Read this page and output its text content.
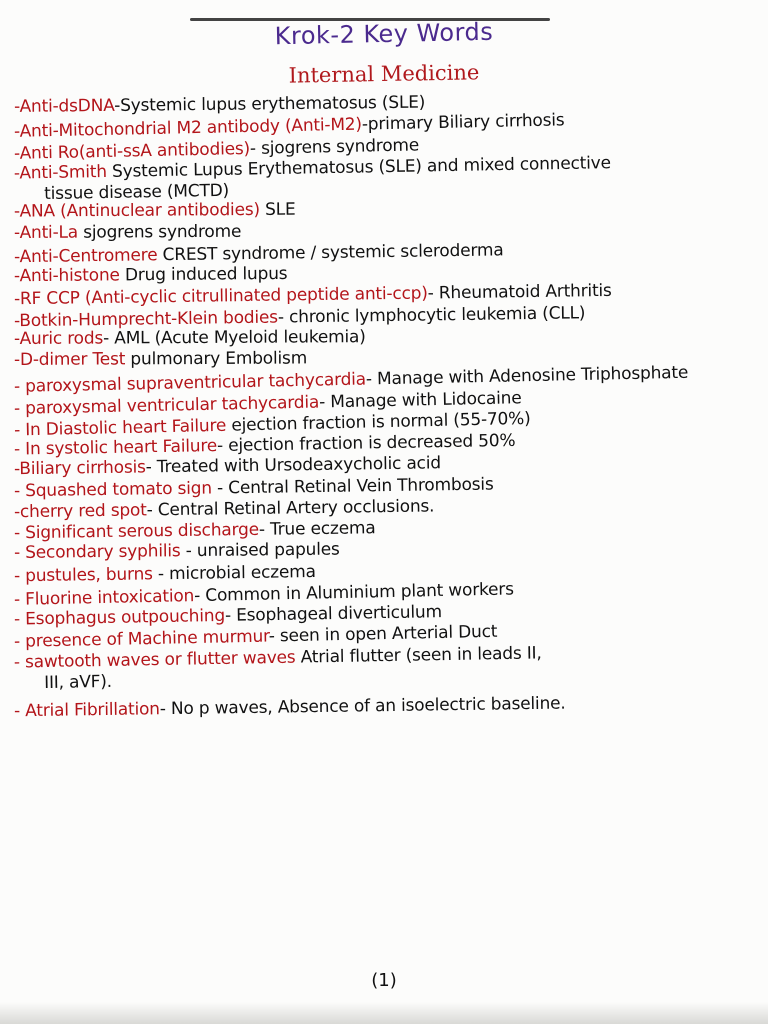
Krok-2 Key Words
Internal Medicine
-Anti-dsDNA-Systemic lupus erythematosus (SLE)
-Anti-Mitochondrial M2 antibody (Anti-M2)-primary Biliary cirrhosis
-Anti Ro(anti-ssA antibodies)- sjogrens syndrome
-Anti-Smith Systemic Lupus Erythematosus (SLE) and mixed connective
tissue disease (MCTD)
-ANA (Antinuclear antibodies) SLE
-Anti-La sjogrens syndrome
-Anti-Centromere CREST syndrome / systemic scleroderma
-Anti-histone Drug induced lupus
-RF CCP (Anti-cyclic citrullinated peptide anti-ccp)- Rheumatoid Arthritis
-Botkin-Humprecht-Klein bodies- chronic lymphocytic leukemia (CLL)
-Auric rods- AML (Acute Myeloid leukemia)
-D-dimer Test pulmonary Embolism
- paroxysmal supraventricular tachycardia- Manage with Adenosine Triphosphate
- paroxysmal ventricular tachycardia- Manage with Lidocaine
- In Diastolic heart Failure ejection fraction is normal (55-70%)
- In systolic heart Failure- ejection fraction is decreased 50%
-Biliary cirrhosis- Treated with Ursodeaxycholic acid
- Squashed tomato sign - Central Retinal Vein Thrombosis
-cherry red spot- Central Retinal Artery occlusions.
- Significant serous discharge- True eczema
- Secondary syphilis - unraised papules
- pustules, burns - microbial eczema
- Fluorine intoxication- Common in Aluminium plant workers
- Esophagus outpouching- Esophageal diverticulum
- presence of Machine murmur- seen in open Arterial Duct
- sawtooth waves or flutter waves Atrial flutter (seen in leads II,
III, aVF).
- Atrial Fibrillation- No p waves, Absence of an isoelectric baseline.
(1)
